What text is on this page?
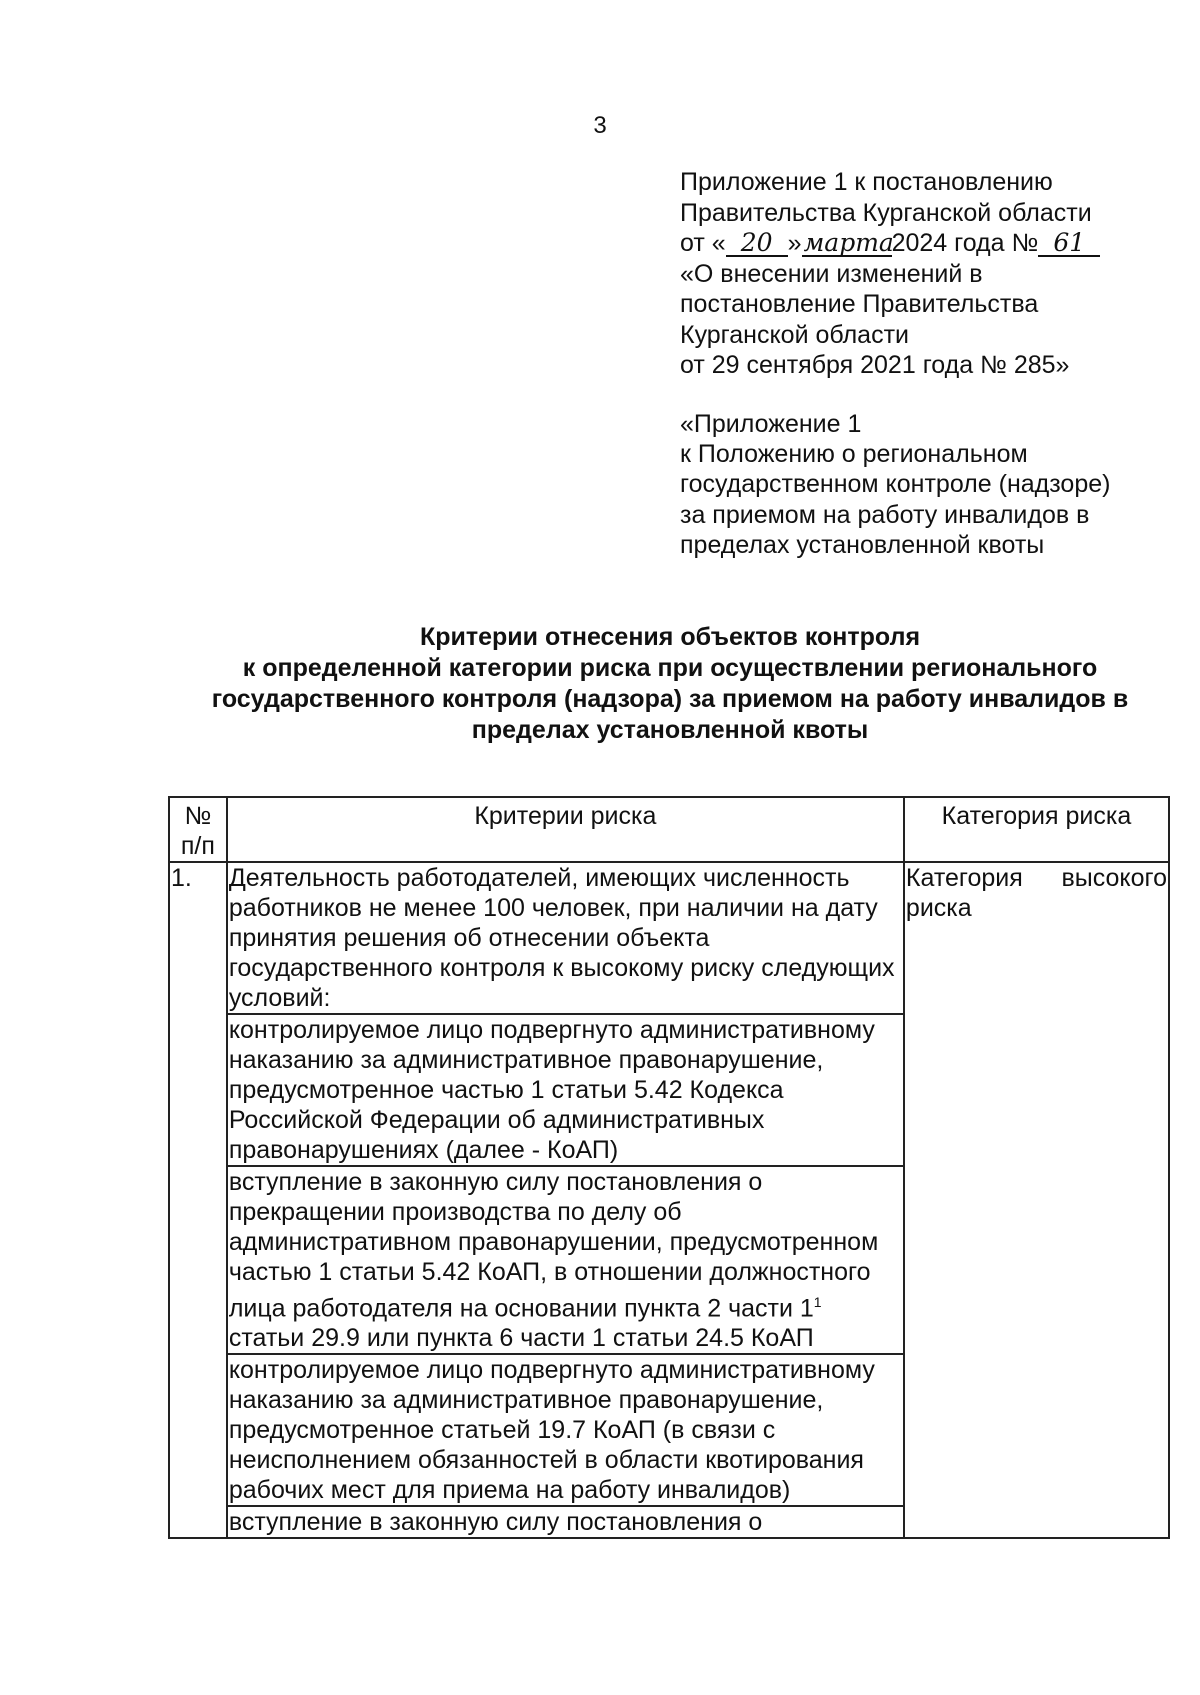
3
Приложение 1 к постановлению
Правительства Курганской области
от « 20 »марта2024 года № 61
«О внесении изменений в
постановление Правительства
Курганской области
от 29 сентября 2021 года № 285»
«Приложение 1
к Положению о региональном
государственном контроле (надзоре)
за приемом на работу инвалидов в
пределах установленной квоты
Критерии отнесения объектов контроля
к определенной категории риска при осуществлении регионального
государственного контроля (надзора) за приемом на работу инвалидов в
пределах установленной квоты
№ п/п	Критерии риска	Категория риска
1.	Деятельность работодателей, имеющих численность работников не менее 100 человек, при наличии на дату принятия решения об отнесении объекта государственного контроля к высокому риску следующих условий:	Категория высокого риска
	контролируемое лицо подвергнуто административному наказанию за административное правонарушение, предусмотренное частью 1 статьи 5.42 Кодекса Российской Федерации об административных правонарушениях (далее - КоАП)	
	вступление в законную силу постановления о прекращении производства по делу об административном правонарушении, предусмотренном частью 1 статьи 5.42 КоАП, в отношении должностного лица работодателя на основании пункта 2 части $1^1$ статьи 29.9 или пункта 6 части 1 статьи 24.5 КоАП	
	контролируемое лицо подвергнуто административному наказанию за административное правонарушение, предусмотренное статьей 19.7 КоАП (в связи с неисполнением обязанностей в области квотирования рабочих мест для приема на работу инвалидов)	
	вступление в законную силу постановления о	
